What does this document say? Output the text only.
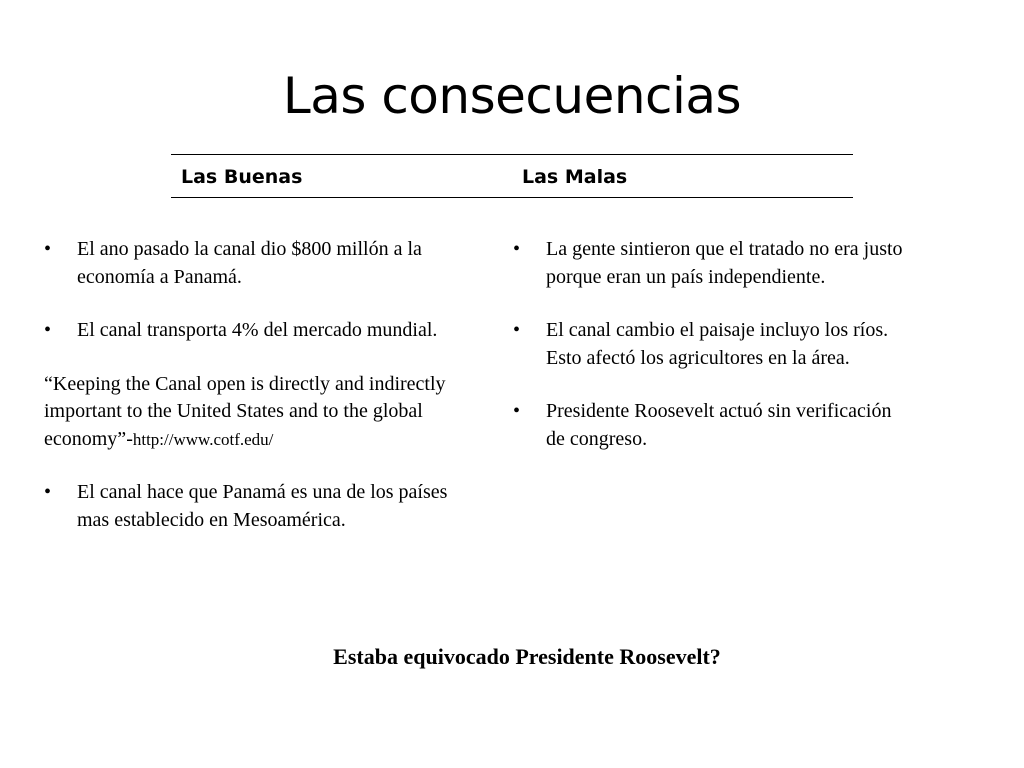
Las consecuencias
Las Buenas	Las Malas
• El ano pasado la canal dio $800 millón a la economía a Panamá.
• El canal transporta 4% del mercado mundial.

“Keeping the Canal open is directly and indirectly important to the United States and to the global economy”-http://www.cotf.edu/

• El canal hace que Panamá es una de los países mas establecido en Mesoamérica.
• La gente sintieron que el tratado no era justo porque eran un país independiente.
• El canal cambio el paisaje incluyo los ríos. Esto afectó los agricultores en la área.
• Presidente Roosevelt actuó sin verificación de congreso.
Estaba equivocado Presidente Roosevelt?
